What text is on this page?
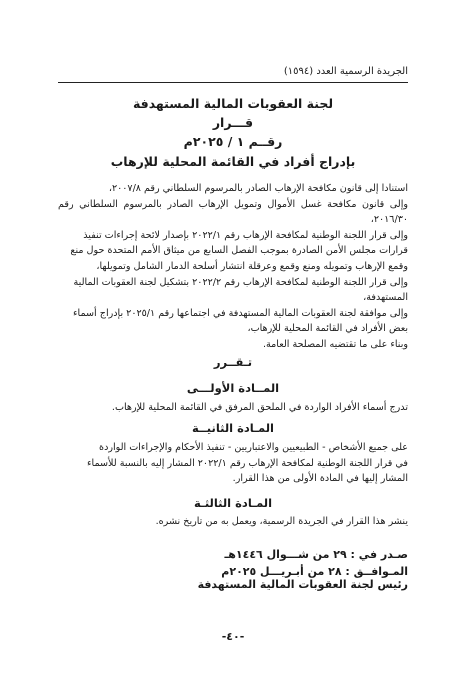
الجريدة الرسمية العدد (١٥٩٤)
لجنة العقوبات المالية المستهدفة
قـــرار
رقــم ١ / ٢٠٢٥م
بإدراج أفراد في القائمة المحلية للإرهاب
استنادا إلى قانون مكافحة الإرهاب الصادر بالمرسوم السلطاني رقم ٢٠٠٧/٨،
وإلى قانون مكافحة غسل الأموال وتمويل الإرهاب الصادر بالمرسوم السلطاني رقم ٢٠١٦/٣٠،
وإلى قرار اللجنة الوطنية لمكافحة الإرهاب رقم ٢٠٢٢/١ بإصدار لائحة إجراءات تنفيذ
قرارات مجلس الأمن الصادرة بموجب الفصل السابع من ميثاق الأمم المتحدة حول منع
وقمع الإرهاب وتمويله ومنع وقمع وعرقلة انتشار أسلحة الدمار الشامل وتمويلها،
وإلى قرار اللجنة الوطنية لمكافحة الإرهاب رقم ٢٠٢٢/٢ بتشكيل لجنة العقوبات المالية
المستهدفة،
وإلى موافقة لجنة العقوبات المالية المستهدفة في اجتماعها رقم ٢٠٢٥/١ بإدراج أسماء
بعض الأفراد في القائمة المحلية للإرهاب،
وبناء على ما تقتضيه المصلحة العامة.
تـقــرر
المــادة الأولـــى
تدرج أسماء الأفراد الواردة في الملحق المرفق في القائمة المحلية للإرهاب.
المـادة الثانيــة
على جميع الأشخاص - الطبيعيين والاعتباريين - تنفيذ الأحكام والإجراءات الواردة
في قرار اللجنة الوطنية لمكافحة الإرهاب رقم ٢٠٢٢/١ المشار إليه بالنسبة للأسماء
المشار إليها في المادة الأولى من هذا القرار.
المـادة الثالثـة
ينشر هذا القرار في الجريدة الرسمية، ويعمل به من تاريخ نشره.
صـدر في : ٢٩ من شـــوال ١٤٤٦هـ
المـوافــق : ٢٨ من أبـريـــل ٢٠٢٥م
رئيس لجنة العقوبات المالية المستهدفة
-٤٠-
